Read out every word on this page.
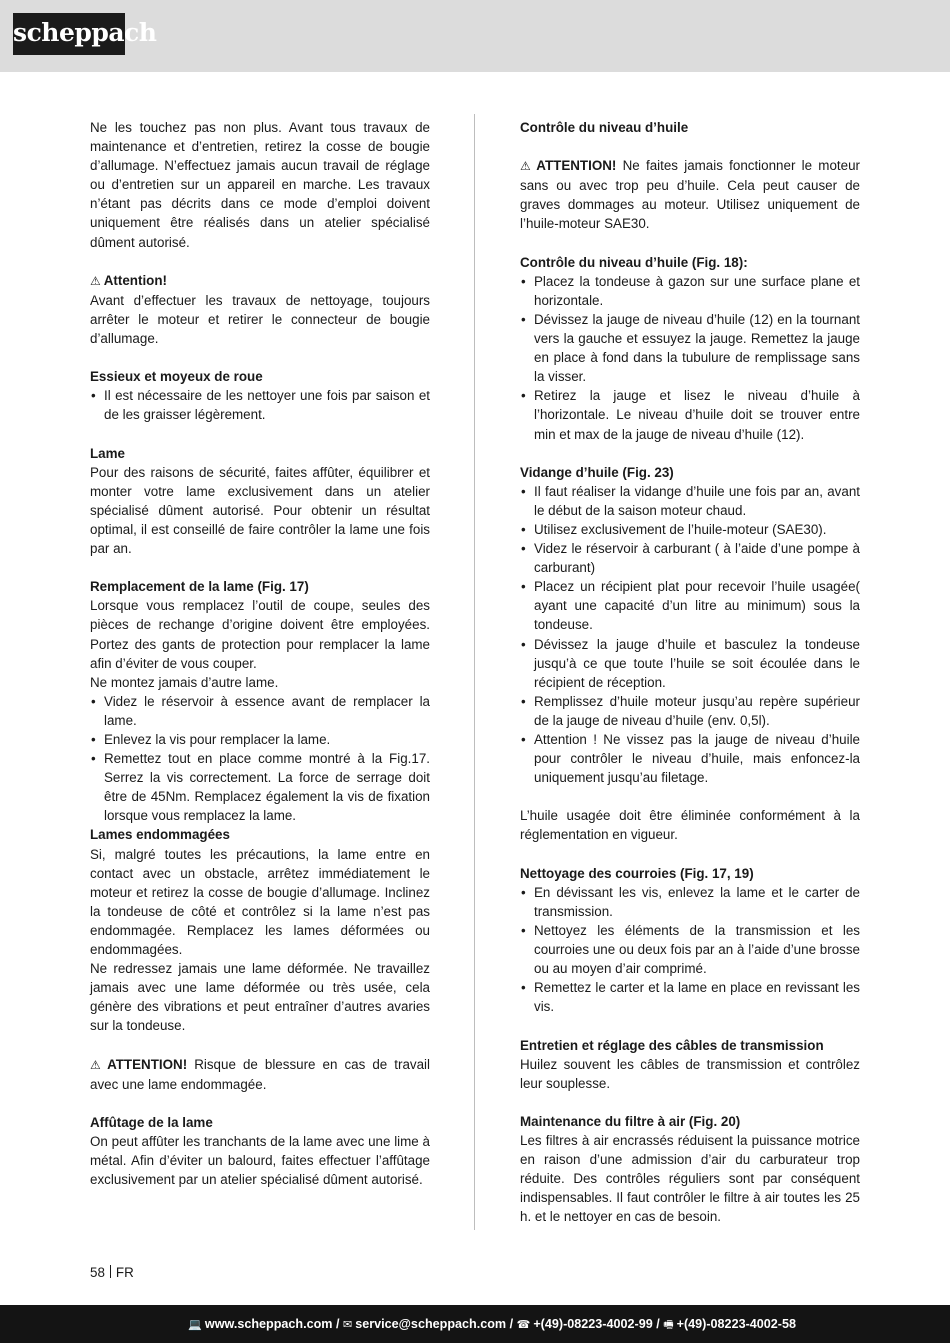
scheppach

Ne les touchez pas non plus. Avant tous travaux de maintenance et d’entretien, retirez la cosse de bougie d’allumage. N’effectuez jamais aucun travail de réglage ou d’entretien sur un appareil en marche. Les travaux n’étant pas décrits dans ce mode d’emploi doivent uniquement être réalisés dans un atelier spécialisé dûment autorisé.

⚠ Attention!

Avant d’effectuer les travaux de nettoyage, toujours arrêter le moteur et retirer le connecteur de bougie d’allumage.

Essieux et moyeux de roue
• Il est nécessaire de les nettoyer une fois par saison et de les graisser légèrement.
Lame

Pour des raisons de sécurité, faites affûter, équilibrer et monter votre lame exclusivement dans un atelier spécialisé dûment autorisé. Pour obtenir un résultat optimal, il est conseillé de faire contrôler la lame une fois par an.

Remplacement de la lame (Fig. 17)

Lorsque vous remplacez l’outil de coupe, seules des pièces de rechange d’origine doivent être employées. Portez des gants de protection pour remplacer la lame afin d’éviter de vous couper.

Ne montez jamais d’autre lame.

• Videz le réservoir à essence avant de remplacer la lame.
• Enlevez la vis pour remplacer la lame.
• Remettez tout en place comme montré à la Fig.17. Serrez la vis correctement. La force de serrage doit être de 45Nm. Remplacez également la vis de fixation lorsque vous remplacez la lame.
Lames endommagées

Si, malgré toutes les précautions, la lame entre en contact avec un obstacle, arrêtez immédiatement le moteur et retirez la cosse de bougie d’allumage. Inclinez la tondeuse de côté et contrôlez si la lame n’est pas endommagée. Remplacez les lames déformées ou endommagées.

Ne redressez jamais une lame déformée. Ne travaillez jamais avec une lame déformée ou très usée, cela génère des vibrations et peut entraîner d’autres avaries sur la tondeuse.

⚠ ATTENTION! Risque de blessure en cas de travail avec une lame endommagée.

Affûtage de la lame

On peut affûter les tranchants de la lame avec une lime à métal. Afin d’éviter un balourd, faites effectuer l’affûtage exclusivement par un atelier spécialisé dûment autorisé.

Contrôle du niveau d’huile

⚠ ATTENTION! Ne faites jamais fonctionner le moteur sans ou avec trop peu d’huile. Cela peut causer de graves dommages au moteur. Utilisez uniquement de l’huile-moteur SAE30.

Contrôle du niveau d’huile (Fig. 18):
• Placez la tondeuse à gazon sur une surface plane et horizontale.
• Dévissez la jauge de niveau d’huile (12) en la tournant vers la gauche et essuyez la jauge. Remettez la jauge en place à fond dans la tubulure de remplissage sans la visser.
• Retirez la jauge et lisez le niveau d’huile à l’horizontale. Le niveau d’huile doit se trouver entre min et max de la jauge de niveau d’huile (12).
Vidange d’huile (Fig. 23)
• Il faut réaliser la vidange d’huile une fois par an, avant le début de la saison moteur chaud.
• Utilisez exclusivement de l’huile-moteur (SAE30).
• Videz le réservoir à carburant ( à l’aide d’une pompe à carburant)
• Placez un récipient plat pour recevoir l’huile usagée( ayant une capacité d’un litre au minimum) sous la tondeuse.
• Dévissez la jauge d’huile et basculez la tondeuse jusqu’à ce que toute l’huile se soit écoulée dans le récipient de réception.
• Remplissez d’huile moteur jusqu’au repère supérieur de la jauge de niveau d’huile (env. 0,5l).
• Attention ! Ne vissez pas la jauge de niveau d’huile pour contrôler le niveau d’huile, mais enfoncez-la uniquement jusqu’au filetage.

L’huile usagée doit être éliminée conformément à la réglementation en vigueur.

Nettoyage des courroies (Fig. 17, 19)
• En dévissant les vis, enlevez la lame et le carter de transmission.
• Nettoyez les éléments de la transmission et les courroies une ou deux fois par an à l’aide d’une brosse ou au moyen d’air comprimé.
• Remettez le carter et la lame en place en revissant les vis.
Entretien et réglage des câbles de transmission

Huilez souvent les câbles de transmission et contrôlez leur souplesse.

Maintenance du filtre à air (Fig. 20)

Les filtres à air encrassés réduisent la puissance motrice en raison d’une admission d’air du carburateur trop réduite. Des contrôles réguliers sont par conséquent indispensables. Il faut contrôler le filtre à air toutes les 25 h. et le nettoyer en cas de besoin.

58 FR
💻 www.scheppach.com / ✉ service@scheppach.com / ☎ +(49)-08223-4002-99 / 🖷 +(49)-08223-4002-58
